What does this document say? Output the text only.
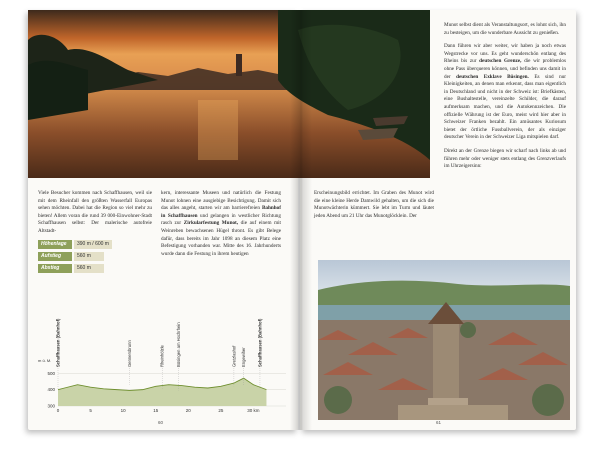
Viele Besucher kommen nach Schaffhausen, weil sie mit dem Rheinfall den größten Wasserfall Europas sehen möchten. Dabei hat die Region so viel mehr zu bieten! Allem voran die rund 39 000-Einwohner-Stadt Schaffhausen selbst: Der malerische autofreie Altstadt-
Höhenlage	390 m / 600 m
Aufstieg	560 m
Abstieg	560 m
kern, interessante Museen und natürlich die Festung Munot lohnen eine ausgiebige Besichtigung. Damit sich das alles angeht, starten wir am barrierefreien Bahnhof in Schaffhausen und gelangen in westlicher Richtung rasch zur Zirkularfestung Munot, die auf einem mit Weinreben bewachsenen Hügel thront. Es gibt Belege dafür, dass bereits im Jahr 1098 an diesem Platz eine Befestigung vorhanden war. Mitte des 16. Jahrhunderts wurde dann die Festung in ihrem heutigen
500
400
300
m ü. M.
0	5	10	15	20	25	30 km
Schaffhausen (Bahnhof)	Gennersbrunn	Rheinhölzle	Büsingen am Hochrhein	Gretzlashof Engewiher	Schaffhausen (Bahnhof)
60

Munot selbst dient als Veranstaltungsort, es lohnt sich, ihn zu besteigen, um die wunderbare Aussicht zu genießen.

Dann führen wir aber weiter, wir haben ja noch etwas Wegstrecke vor uns. Es geht wunderschön entlang des Rheins bis zur deutschen Grenze, die wir problemlos ohne Pass überqueren können, und befinden uns damit in der deutschen Exklave Büsingen. Es sind nur Kleinigkeiten, an denen man erkennt, dass man eigentlich in Deutschland und nicht in der Schweiz ist: Briefkästen, eine Bushaltestelle, vereinzelte Schilder, die darauf aufmerksam machen, und die Autokennzeichen. Die offizielle Währung ist der Euro, meist wird hier aber in Schweizer Franken bezahlt. Ein amüsantes Kuriosum bietet der örtliche Fussballverein, der als einziger deutscher Verein in der Schweizer Liga mitspielen darf.

Direkt an der Grenze biegen wir scharf nach links ab und führen mehr oder weniger stets entlang des Grenzverlaufs im Uhrzeigersinn:

Erscheinungsbild errichtet. Im Graben des Munot wird die eine kleine Herde Damwild gehalten, um die sich die Munotwächterin kümmert. Sie lebt im Turm und läutet jeden Abend um 21 Uhr das Munotglöcklein. Der
61
